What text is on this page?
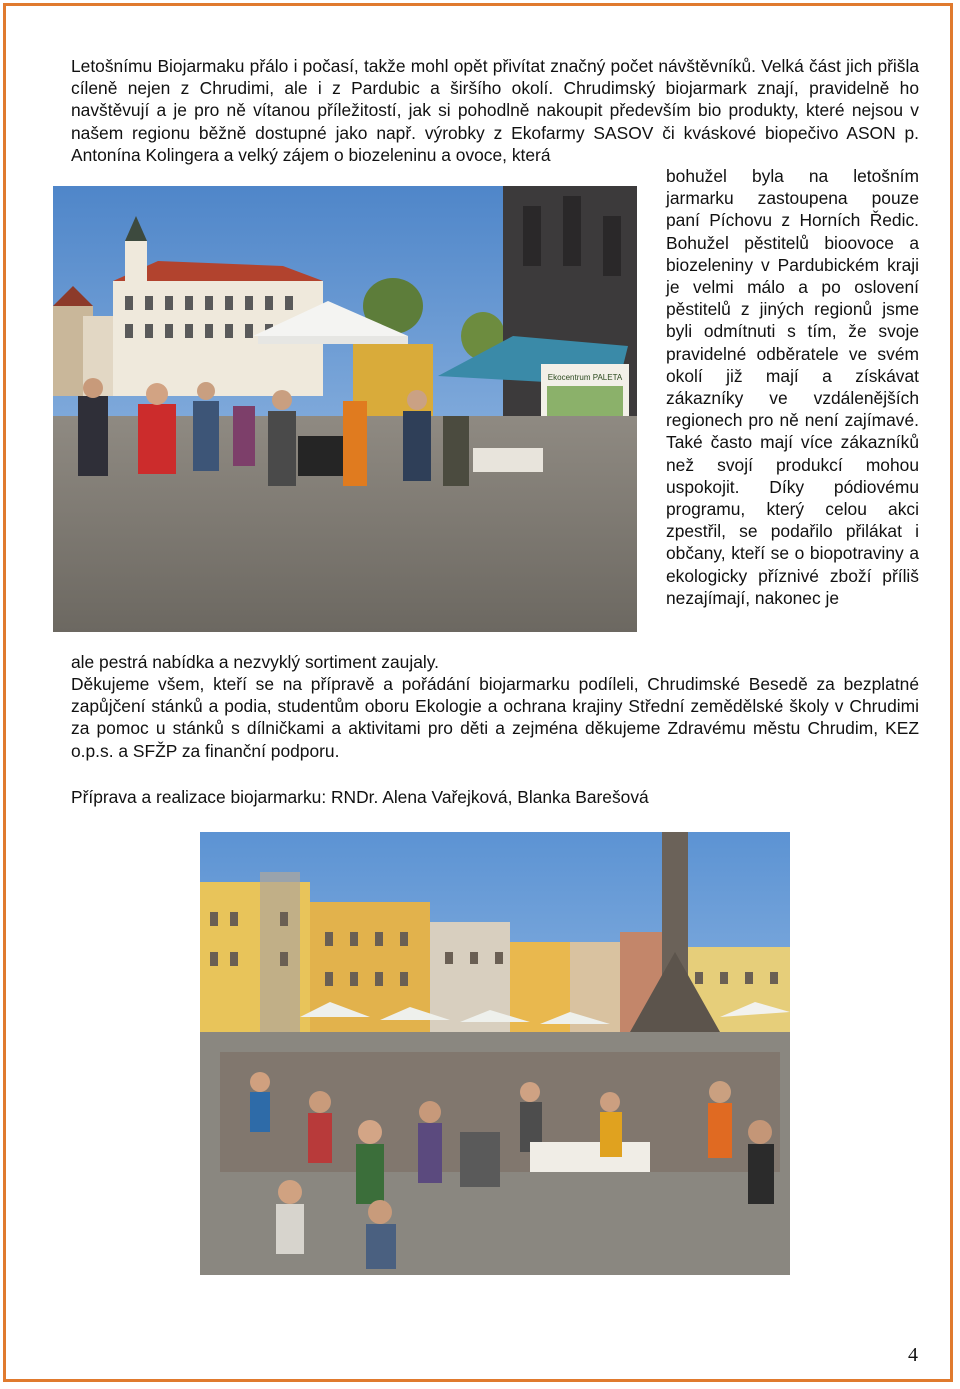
Letošnímu Biojarmaku přálo i počasí, takže mohl opět přivítat značný počet návštěvníků. Velká část jich přišla cíleně nejen z Chrudimi, ale i z Pardubic a širšího okolí. Chrudimský biojarmark znají, pravidelně ho navštěvují a je pro ně vítanou příležitostí, jak si pohodlně nakoupit především bio produkty, které nejsou v našem regionu běžně dostupné jako např. výrobky z Ekofarmy SASOV či kváskové biopečivo ASON p. Antonína Kolingera a velký zájem o biozeleninu a ovoce, která

Ekocentrum PALETA

bohužel byla na letošním jarmarku zastoupena pouze paní Píchovu z Horních Ředic. Bohužel pěstitelů bioovoce a biozeleniny v Pardubickém kraji je velmi málo a po oslovení pěstitelů z jiných regionů jsme byli odmítnuti s tím, že svoje pravidelné odběratele ve svém okolí již mají a získávat zákazníky ve vzdálenějších regionech pro ně není zajímavé. Také často mají více zákazníků než svojí produkcí mohou uspokojit. Díky pódiovému programu, který celou akci zpestřil, se podařilo přilákat i občany, kteří se o biopotraviny a ekologicky příznivé zboží příliš nezajímají, nakonec je

ale pestrá nabídka a nezvyklý sortiment zaujaly.

Děkujeme všem, kteří se na přípravě a pořádání biojarmarku podíleli, Chrudimské Besedě za bezplatné zapůjčení stánků a podia, studentům oboru Ekologie a ochrana krajiny Střední zemědělské školy v Chrudimi za pomoc u stánků s dílničkami a aktivitami pro děti a zejména děkujeme Zdravému městu Chrudim, KEZ o.p.s. a SFŽP za finanční podporu.

Příprava a realizace biojarmarku: RNDr. Alena Vařejková, Blanka Barešová

4
